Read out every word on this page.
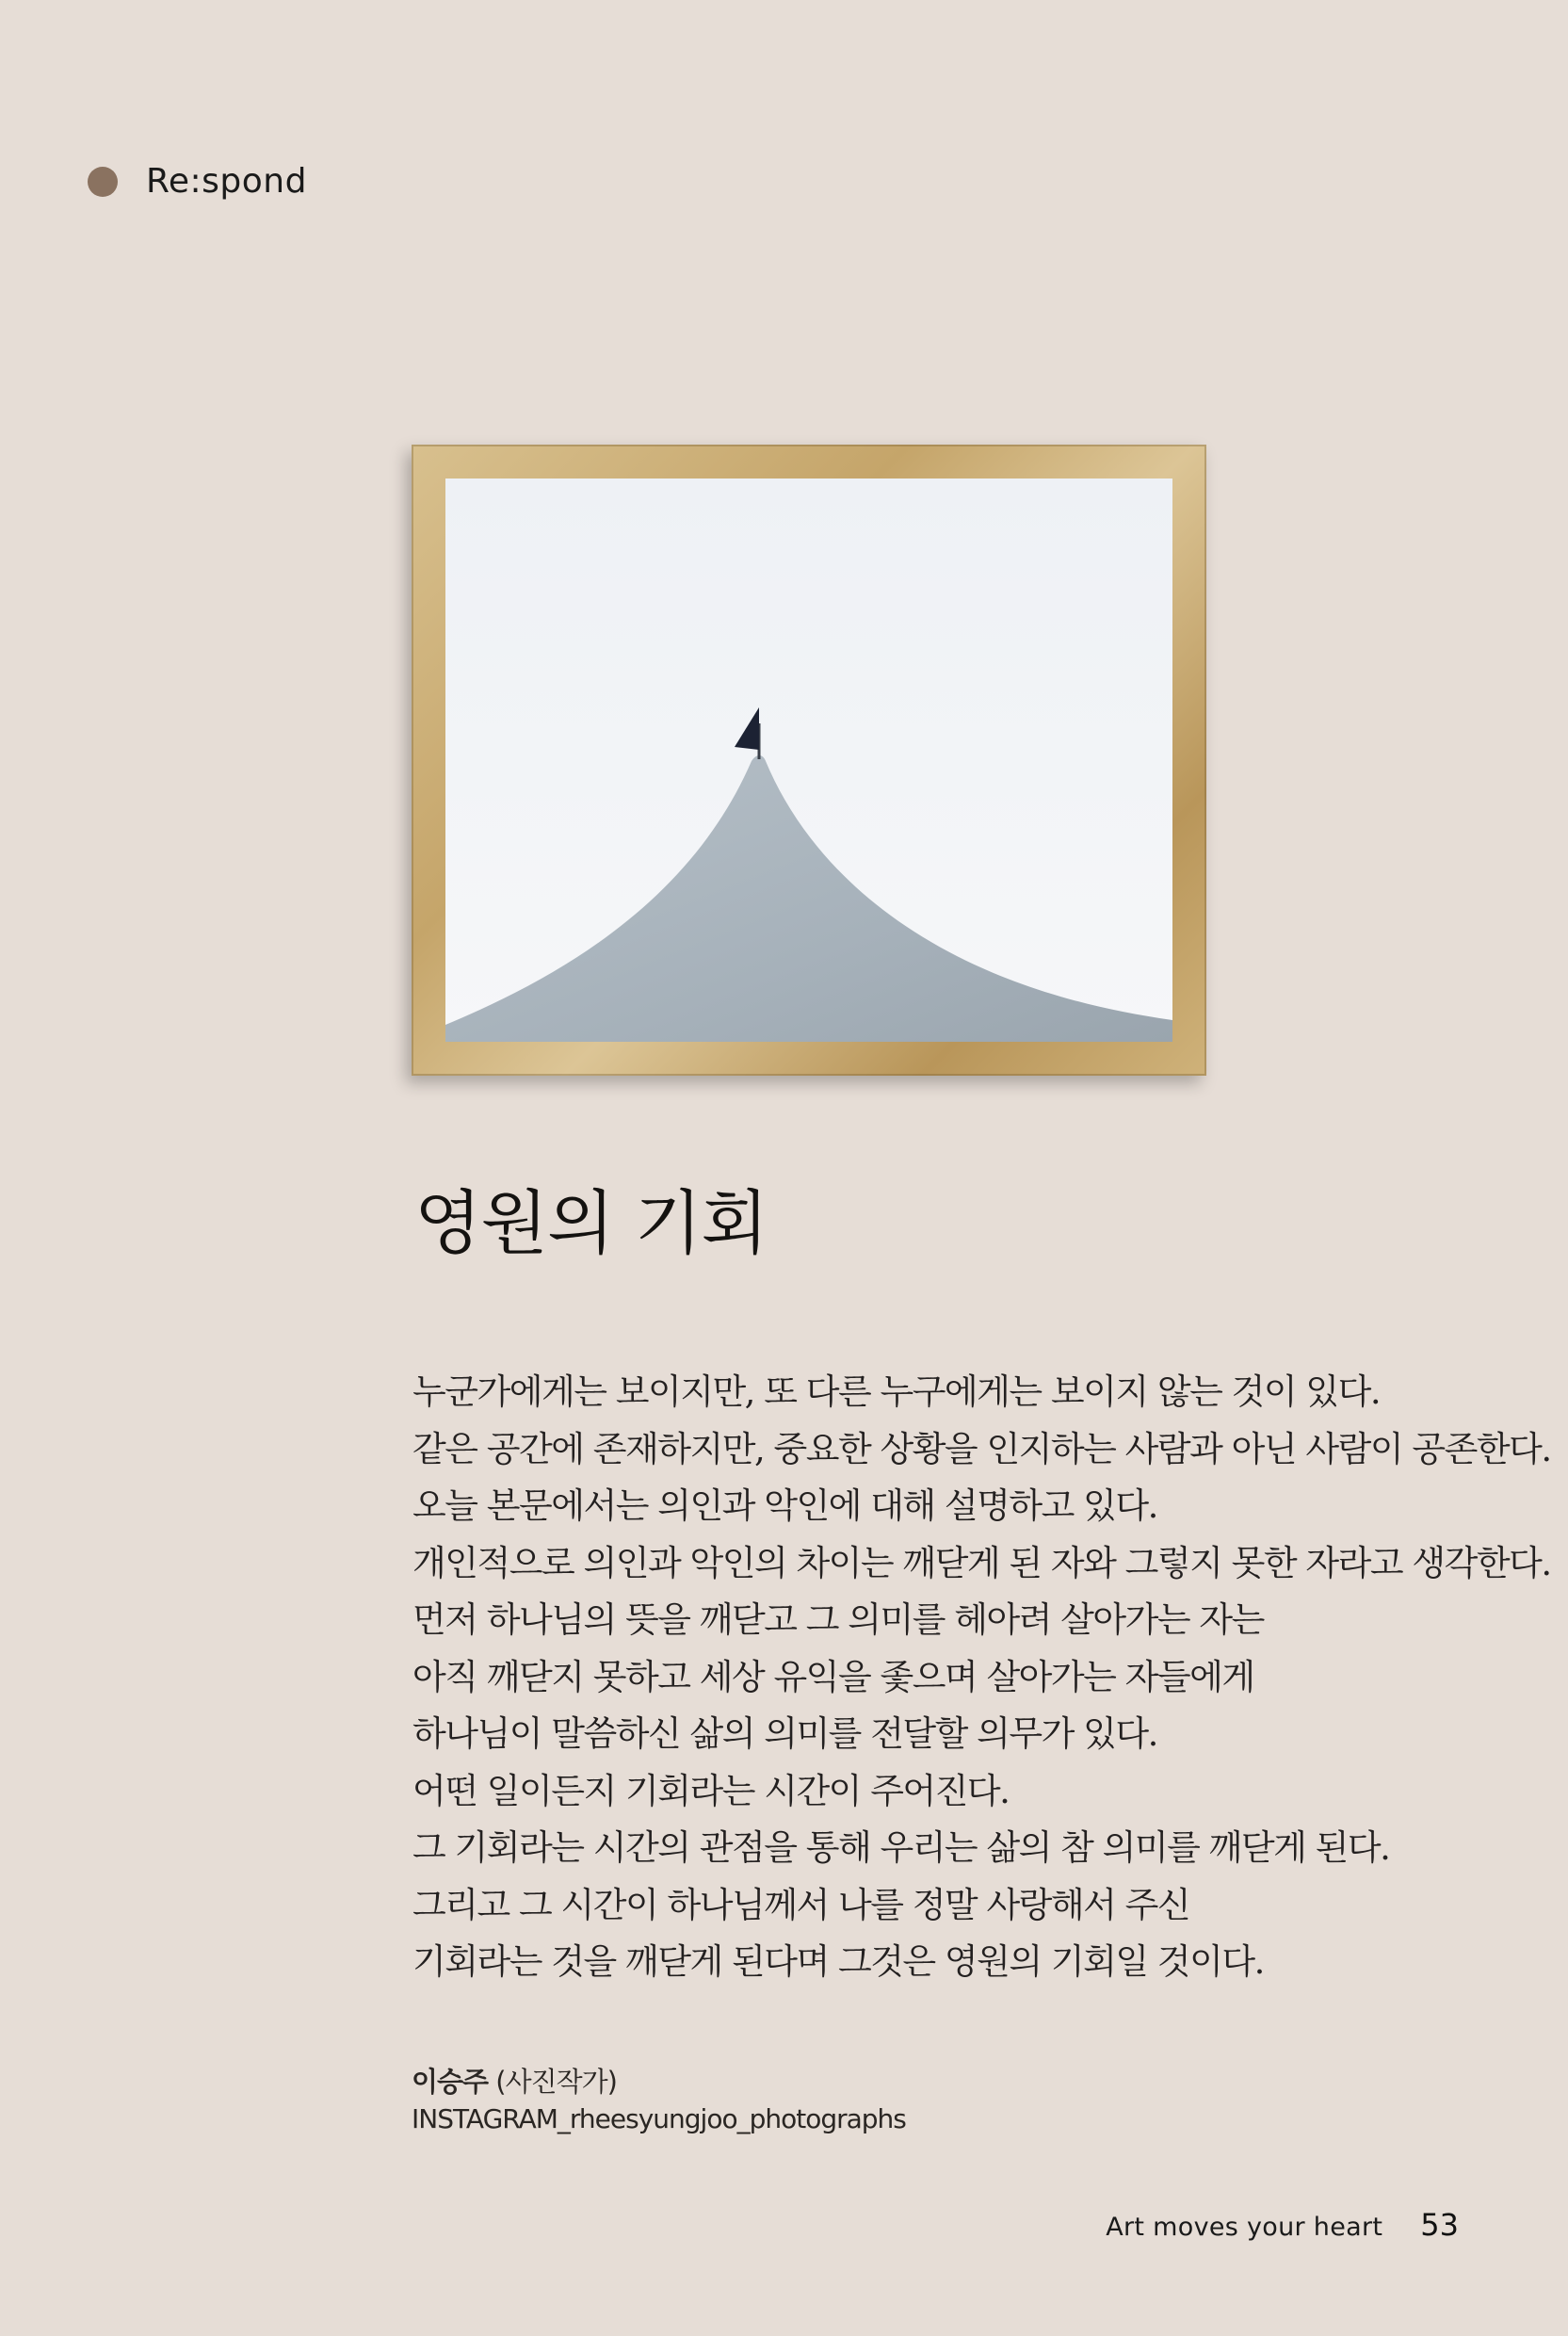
Re:spond
영원의 기회
누군가에게는 보이지만, 또 다른 누구에게는 보이지 않는 것이 있다.
같은 공간에 존재하지만, 중요한 상황을 인지하는 사람과 아닌 사람이 공존한다.
오늘 본문에서는 의인과 악인에 대해 설명하고 있다.
개인적으로 의인과 악인의 차이는 깨닫게 된 자와 그렇지 못한 자라고 생각한다.
먼저 하나님의 뜻을 깨닫고 그 의미를 헤아려 살아가는 자는
아직 깨닫지 못하고 세상 유익을 좇으며 살아가는 자들에게
하나님이 말씀하신 삶의 의미를 전달할 의무가 있다.
어떤 일이든지 기회라는 시간이 주어진다.
그 기회라는 시간의 관점을 통해 우리는 삶의 참 의미를 깨닫게 된다.
그리고 그 시간이 하나님께서 나를 정말 사랑해서 주신
기회라는 것을 깨닫게 된다며 그것은 영원의 기회일 것이다.
이승주 (사진작가)
INSTAGRAM_rheesyungjoo_photographs
Art moves your heart 53
